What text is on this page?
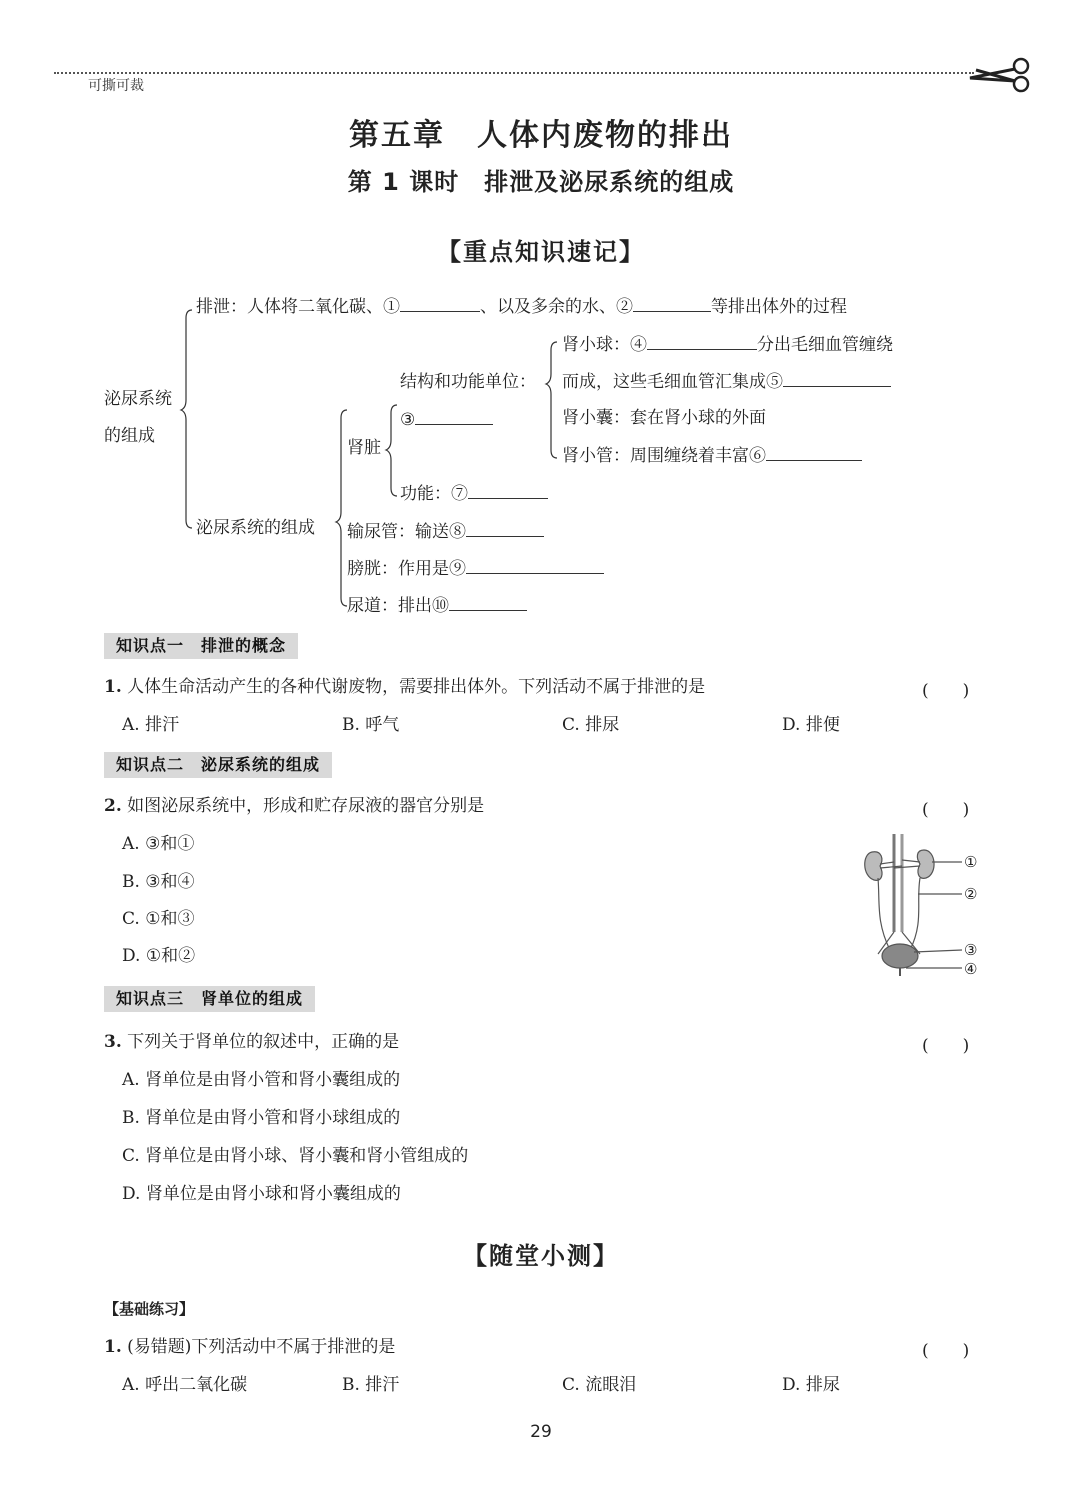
可撕可裁
第五章　人体内废物的排出
第 1 课时　排泄及泌尿系统的组成
【重点知识速记】
泌尿系统
的组成
排泄：人体将二氧化碳、①	、以及多余的水、②	等排出体外的过程
泌尿系统的组成
肾脏
结构和功能单位：
③
功能：⑦
肾小球：④	分出毛细血管缠绕
而成，这些毛细血管汇集成⑤
肾小囊：套在肾小球的外面
肾小管：周围缠绕着丰富⑥
输尿管：输送⑧
膀胱：作用是⑨
尿道：排出⑩
知识点一　排泄的概念
1. 人体生命活动产生的各种代谢废物，需要排出体外。下列活动不属于排泄的是	(　　)
A. 排汗	B. 呼气	C. 排尿	D. 排便
知识点二　泌尿系统的组成
2. 如图泌尿系统中，形成和贮存尿液的器官分别是	(　　)
A. ③和①
B. ③和④
C. ①和③
D. ①和②
①
②
③
④
知识点三　肾单位的组成
3. 下列关于肾单位的叙述中，正确的是	(　　)
A. 肾单位是由肾小管和肾小囊组成的
B. 肾单位是由肾小管和肾小球组成的
C. 肾单位是由肾小球、肾小囊和肾小管组成的
D. 肾单位是由肾小球和肾小囊组成的
【随堂小测】
【基础练习】
1. (易错题)下列活动中不属于排泄的是	(　　)
A. 呼出二氧化碳	B. 排汗	C. 流眼泪	D. 排尿
29
